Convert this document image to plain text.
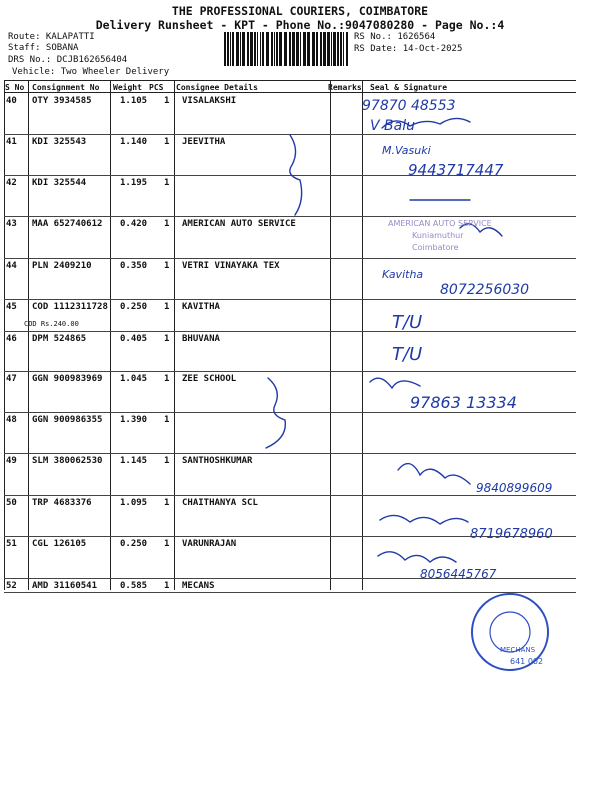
THE PROFESSIONAL COURIERS, COIMBATORE
Delivery Runsheet - KPT - Phone No.:9047080280 - Page No.:4
Route: KALAPATTI
Staff: SOBANA
DRS No.: DCJB162656404
Vehicle: Two Wheeler Delivery
RS No.: 1626564
RS Date: 14-Oct-2025
S No Consignment No Weight PCS Consignee Details	Remarks Seal & Signature
40 OTY 3934585	1.105 1 VISALAKSHI
41 KDI 325543	1.140 1 JEEVITHA
42 KDI 325544	1.195 1
43 MAA 652740612 0.420 1 AMERICAN AUTO SERVICE
44 PLN 2409210	0.350 1 VETRI VINAYAKA TEX
45 COD 1112311728 0.250 1 KAVITHA
COD Rs.240.00
46 DPM 524865	0.405 1 BHUVANA
47 GGN 900983969 1.045 1 ZEE SCHOOL
48 GGN 900986355 1.390 1
49 SLM 380062530 1.145 1 SANTHOSHKUMAR
50 TRP 4683376	1.095 1 CHAITHANYA SCL
51 CGL 126105	0.250 1 VARUNRAJAN
52 AMD 31160541	0.585 1 MECANS
97870 48553
V Balu
M.Vasuki
9443717447
Kavitha
8072256030
T/U
T/U
97863 13334
9840899609
8719678960
8056445767
AMERICAN AUTO SERVICE
Kuniamuthur
Coimbatore
MECHANS
641 002
